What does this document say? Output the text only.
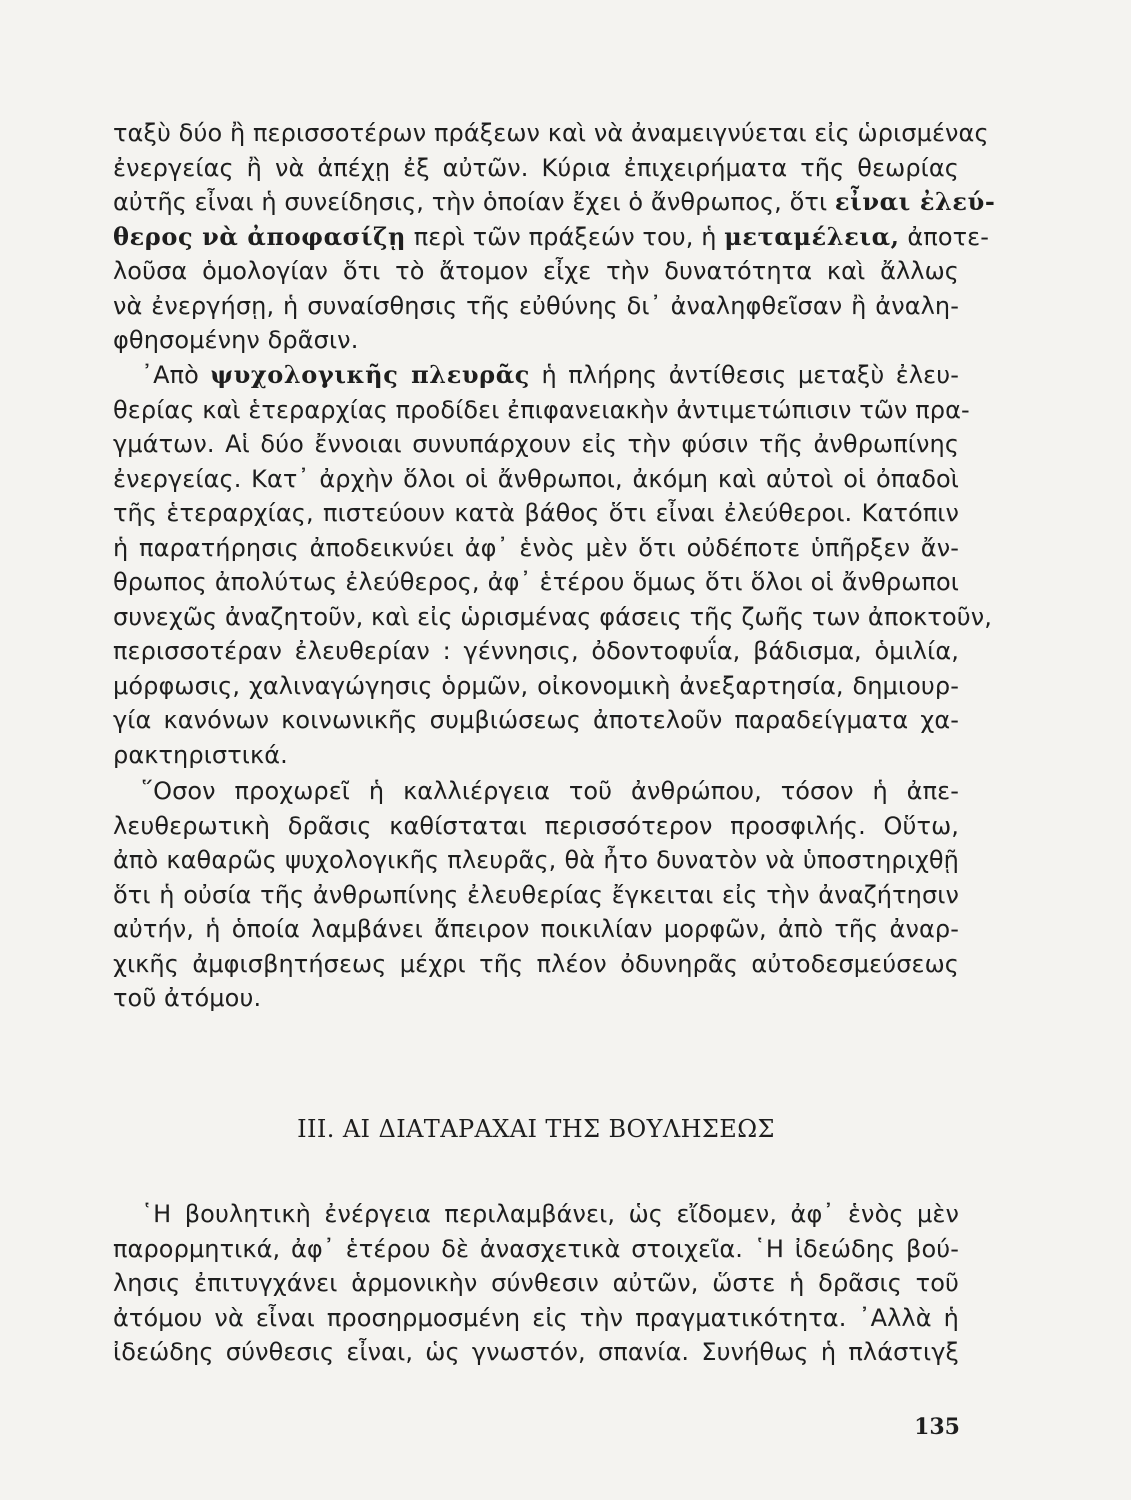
ταξὺ δύο ἢ περισσοτέρων πράξεων καὶ νὰ ἀναμειγνύεται εἰς ὡρισμένας
ἐνεργείας ἢ νὰ ἀπέχῃ ἐξ αὐτῶν. Κύρια ἐπιχειρήματα τῆς θεωρίας
αὐτῆς εἶναι ἡ συνείδησις, τὴν ὁποίαν ἔχει ὁ ἄνθρωπος, ὅτι εἶναι ἐλεύ-
θερος νὰ ἀποφασίζῃ περὶ τῶν πράξεών του, ἡ μεταμέλεια, ἀποτε-
λοῦσα ὁμολογίαν ὅτι τὸ ἄτομον εἶχε τὴν δυνατότητα καὶ ἄλλως
νὰ ἐνεργήσῃ, ἡ συναίσθησις τῆς εὐθύνης δι᾿ ἀναληφθεῖσαν ἢ ἀναλη-
φθησομένην δρᾶσιν.
᾿Απὸ ψυχολογικῆς πλευρᾶς ἡ πλήρης ἀντίθεσις μεταξὺ ἐλευ-
θερίας καὶ ἑτεραρχίας προδίδει ἐπιφανειακὴν ἀντιμετώπισιν τῶν πρα-
γμάτων. Αἱ δύο ἔννοιαι συνυπάρχουν εἰς τὴν φύσιν τῆς ἀνθρωπίνης
ἐνεργείας. Κατ᾿ ἀρχὴν ὅλοι οἱ ἄνθρωποι, ἀκόμη καὶ αὐτοὶ οἱ ὀπαδοὶ
τῆς ἑτεραρχίας, πιστεύουν κατὰ βάθος ὅτι εἶναι ἐλεύθεροι. Κατόπιν
ἡ παρατήρησις ἀποδεικνύει ἀφ᾿ ἑνὸς μὲν ὅτι οὐδέποτε ὑπῆρξεν ἄν-
θρωπος ἀπολύτως ἐλεύθερος, ἀφ᾿ ἑτέρου ὅμως ὅτι ὅλοι οἱ ἄνθρωποι
συνεχῶς ἀναζητοῦν, καὶ εἰς ὡρισμένας φάσεις τῆς ζωῆς των ἀποκτοῦν,
περισσοτέραν ἐλευθερίαν : γέννησις, ὀδοντοφυΐα, βάδισμα, ὁμιλία,
μόρφωσις, χαλιναγώγησις ὁρμῶν, οἰκονομικὴ ἀνεξαρτησία, δημιουρ-
γία κανόνων κοινωνικῆς συμβιώσεως ἀποτελοῦν παραδείγματα χα-
ρακτηριστικά.
῞Οσον προχωρεῖ ἡ καλλιέργεια τοῦ ἀνθρώπου, τόσον ἡ ἀπε-
λευθερωτικὴ δρᾶσις καθίσταται περισσότερον προσφιλής. Οὕτω,
ἀπὸ καθαρῶς ψυχολογικῆς πλευρᾶς, θὰ ἦτο δυνατὸν νὰ ὑποστηριχθῇ
ὅτι ἡ οὐσία τῆς ἀνθρωπίνης ἐλευθερίας ἔγκειται εἰς τὴν ἀναζήτησιν
αὐτήν, ἡ ὁποία λαμβάνει ἄπειρον ποικιλίαν μορφῶν, ἀπὸ τῆς ἀναρ-
χικῆς ἀμφισβητήσεως μέχρι τῆς πλέον ὀδυνηρᾶς αὐτοδεσμεύσεως
τοῦ ἀτόμου.
III. ΑΙ ΔΙΑΤΑΡΑΧΑΙ ΤΗΣ ΒΟΥΛΗΣΕΩΣ
῾Η βουλητικὴ ἐνέργεια περιλαμβάνει, ὡς εἴδομεν, ἀφ᾿ ἑνὸς μὲν
παρορμητικά, ἀφ᾿ ἑτέρου δὲ ἀνασχετικὰ στοιχεῖα. ῾Η ἰδεώδης βού-
λησις ἐπιτυγχάνει ἁρμονικὴν σύνθεσιν αὐτῶν, ὥστε ἡ δρᾶσις τοῦ
ἀτόμου νὰ εἶναι προσηρμοσμένη εἰς τὴν πραγματικότητα. ᾿Αλλὰ ἡ
ἰδεώδης σύνθεσις εἶναι, ὡς γνωστόν, σπανία. Συνήθως ἡ πλάστιγξ
135
